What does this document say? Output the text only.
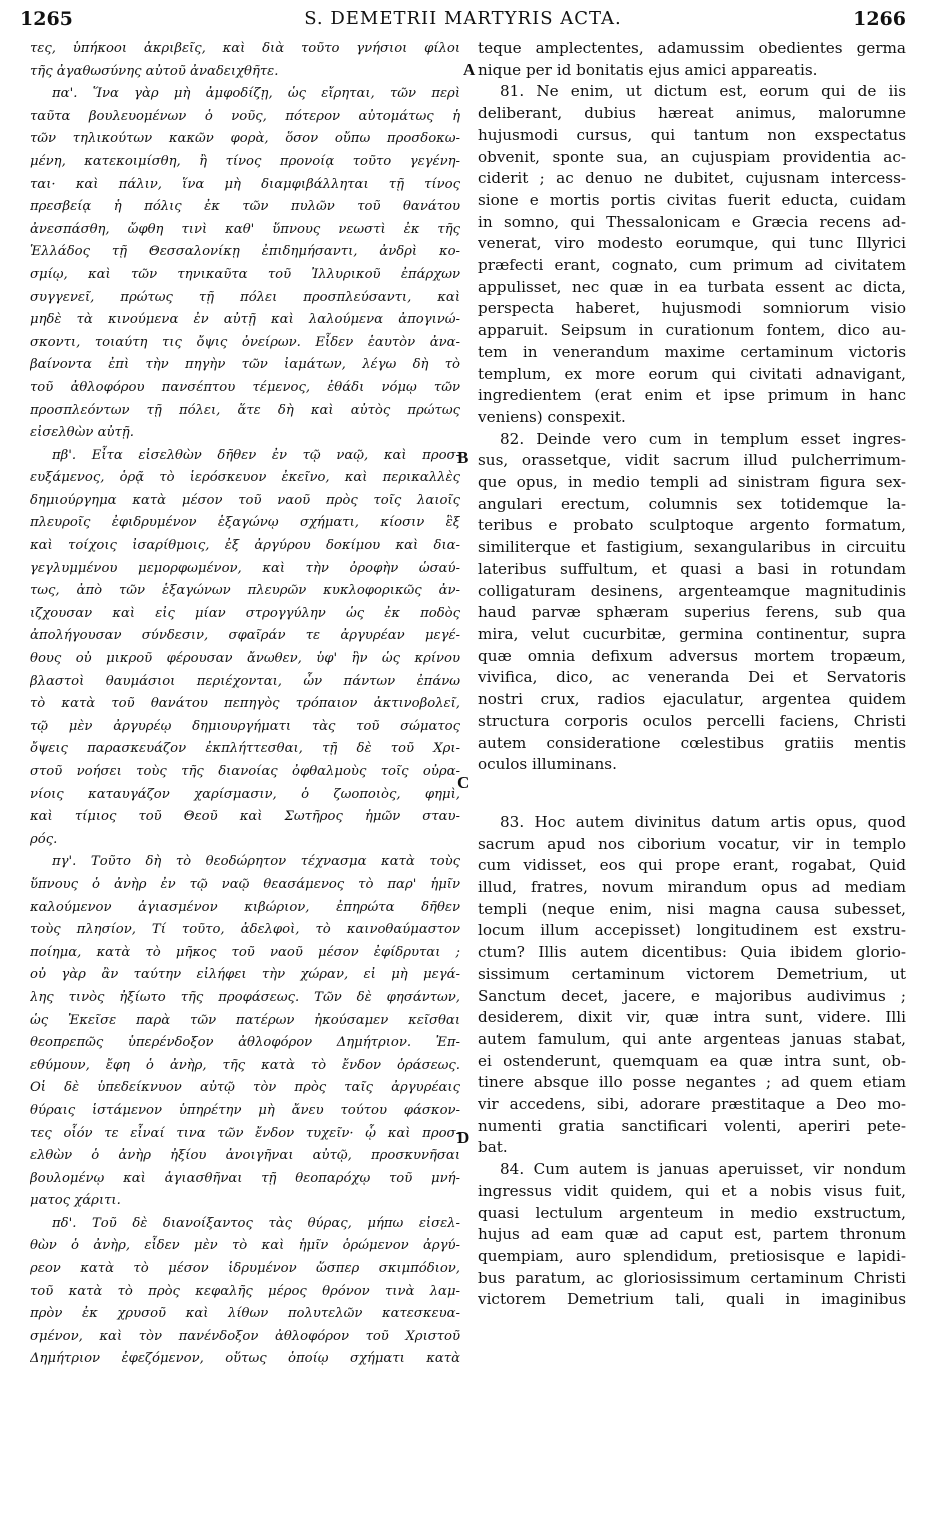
1265	S. DEMETRII MARTYRIS ACTA.	1266
τες, ὑπήκοοι ἀκριβεῖς, καὶ διὰ τοῦτο γνήσιοι φίλοι
τῆς ἀγαθωσύνης αὐτοῦ ἀναδειχθῆτε.
πα'. Ἵνα γὰρ μὴ ἀμφοδίζῃ, ὡς εἴρηται, τῶν περὶ
ταῦτα βουλευομένων ὁ νοῦς, πότερον αὐτομάτως ἡ
τῶν τηλικούτων κακῶν φορὰ, ὅσον οὔπω προσδοκω-
μένη, κατεκοιμίσθη, ἢ τίνος προνοίᾳ τοῦτο γεγένη-
ται· καὶ πάλιν, ἵνα μὴ διαμφιβάλληται τῇ τίνος
πρεσβείᾳ ἡ πόλις ἐκ τῶν πυλῶν τοῦ θανάτου
ἀνεσπάσθη, ὤφθη τινὶ καθ' ὕπνους νεωστὶ ἐκ τῆς
Ἑλλάδος τῇ Θεσσαλονίκῃ ἐπιδημήσαντι, ἀνδρὶ κο-
σμίῳ, καὶ τῶν τηνικαῦτα τοῦ Ἰλλυρικοῦ ἐπάρχων
συγγενεῖ, πρώτως τῇ πόλει προσπλεύσαντι, καὶ
μηδὲ τὰ κινούμενα ἐν αὐτῇ καὶ λαλούμενα ἀπογινώ-
σκοντι, τοιαύτη τις ὄψις ὀνείρων. Εἶδεν ἑαυτὸν ἀνα-
βαίνοντα ἐπὶ τὴν πηγὴν τῶν ἰαμάτων, λέγω δὴ τὸ
τοῦ ἀθλοφόρου πανσέπτου τέμενος, ἐθάδι νόμῳ τῶν
προσπλεόντων τῇ πόλει, ἅτε δὴ καὶ αὐτὸς πρώτως
εἰσελθὼν αὐτῇ.
πβ'. Εἶτα εἰσελθὼν δῆθεν ἐν τῷ ναῷ, καὶ προσ-
ευξάμενος, ὁρᾷ τὸ ἱερόσκευον ἐκεῖνο, καὶ περικαλλὲς
δημιούργημα κατὰ μέσον τοῦ ναοῦ πρὸς τοῖς λαιοῖς
πλευροῖς ἐφιδρυμένον ἑξαγώνῳ σχήματι, κίοσιν ἓξ
καὶ τοίχοις ἰσαρίθμοις, ἐξ ἀργύρου δοκίμου καὶ δια-
γεγλυμμένου μεμορφωμένον, καὶ τὴν ὀροφὴν ὡσαύ-
τως, ἀπὸ τῶν ἑξαγώνων πλευρῶν κυκλοφορικῶς ἀν-
ιζχουσαν καὶ εἰς μίαν στρογγύλην ὡς ἐκ ποδὸς
ἀπολήγουσαν σύνδεσιν, σφαῖράν τε ἀργυρέαν μεγέ-
θους οὐ μικροῦ φέρουσαν ἄνωθεν, ὑφ' ἣν ὡς κρίνου
βλαστοὶ θαυμάσιοι περιέχονται, ὧν πάντων ἐπάνω
τὸ κατὰ τοῦ θανάτου πεπηγὸς τρόπαιον ἀκτινοβολεῖ,
τῷ μὲν ἀργυρέῳ δημιουργήματι τὰς τοῦ σώματος
ὄψεις παρασκευάζον ἐκπλήττεσθαι, τῇ δὲ τοῦ Χρι-
στοῦ νοήσει τοὺς τῆς διανοίας ὀφθαλμοὺς τοῖς οὐρα-
νίοις καταυγάζον χαρίσμασιν, ὁ ζωοποιὸς, φημὶ,
καὶ τίμιος τοῦ Θεοῦ καὶ Σωτῆρος ἡμῶν σταυ-
ρός.
πγ'. Τοῦτο δὴ τὸ θεοδώρητον τέχνασμα κατὰ τοὺς
ὕπνους ὁ ἀνὴρ ἐν τῷ ναῷ θεασάμενος τὸ παρ' ἡμῖν
καλούμενον ἁγιασμένον κιβώριον, ἐπηρώτα δῆθεν
τοὺς πλησίον, Τί τοῦτο, ἀδελφοὶ, τὸ καινοθαύμαστον
ποίημα, κατὰ τὸ μῆκος τοῦ ναοῦ μέσον ἐφίδρυται ;
οὐ γὰρ ἂν ταύτην εἰλήφει τὴν χώραν, εἰ μὴ μεγά-
λης τινὸς ἠξίωτο τῆς προφάσεως. Τῶν δὲ φησάντων,
ὡς Ἐκεῖσε παρὰ τῶν πατέρων ἠκούσαμεν κεῖσθαι
θεοπρεπῶς ὑπερένδοξον ἀθλοφόρον Δημήτριον. Ἐπ-
εθύμουν, ἔφη ὁ ἀνὴρ, τῆς κατὰ τὸ ἔνδον ὁράσεως.
Οἱ δὲ ὑπεδείκνυον αὐτῷ τὸν πρὸς ταῖς ἀργυρέαις
θύραις ἱστάμενον ὑπηρέτην μὴ ἄνευ τούτου φάσκον-
τες οἷόν τε εἶναί τινα τῶν ἔνδον τυχεῖν· ᾧ καὶ προσ-
ελθὼν ὁ ἀνὴρ ἠξίου ἀνοιγῆναι αὐτῷ, προσκυνῆσαι
βουλομένῳ καὶ ἁγιασθῆναι τῇ θεοπαρόχῳ τοῦ μνή-
ματος χάριτι.
πδ'. Τοῦ δὲ διανοίξαντος τὰς θύρας, μήπω εἰσελ-
θὼν ὁ ἀνὴρ, εἶδεν μὲν τὸ καὶ ἡμῖν ὁρώμενον ἀργύ-
ρεον κατὰ τὸ μέσον ἱδρυμένον ὥσπερ σκιμπόδιον,
τοῦ κατὰ τὸ πρὸς κεφαλῆς μέρος θρόνον τινὰ λαμ-
πρὸν ἐκ χρυσοῦ καὶ λίθων πολυτελῶν κατεσκευα-
σμένον, καὶ τὸν πανένδοξον ἀθλοφόρον τοῦ Χριστοῦ
Δημήτριον ἐφεζόμενον, οὕτως ὁποίῳ σχήματι κατὰ
teque amplectentes, adamussim obedientes germa
nique per id bonitatis ejus amici appareatis.
81. Ne enim, ut dictum est, eorum qui de iis
deliberant, dubius hæreat animus, malorumne
hujusmodi cursus, qui tantum non exspectatus
obvenit, sponte sua, an cujuspiam providentia ac-
ciderit ; ac denuo ne dubitet, cujusnam intercess-
sione e mortis portis civitas fuerit educta, cuidam
in somno, qui Thessalonicam e Græcia recens ad-
venerat, viro modesto eorumque, qui tunc Illyrici
præfecti erant, cognato, cum primum ad civitatem
appulisset, nec quæ in ea turbata essent ac dicta,
perspecta haberet, hujusmodi somniorum visio
apparuit. Seipsum in curationum fontem, dico au-
tem in venerandum maxime certaminum victoris
templum, ex more eorum qui civitati adnavigant,
ingredientem (erat enim et ipse primum in hanc
veniens) conspexit.
82. Deinde vero cum in templum esset ingres-
sus, orassetque, vidit sacrum illud pulcherrimum-
que opus, in medio templi ad sinistram figura sex-
angulari erectum, columnis sex totidemque la-
teribus e probato sculptoque argento formatum,
similiterque et fastigium, sexangularibus in circuitu
lateribus suffultum, et quasi a basi in rotundam
colligaturam desinens, argenteamque magnitudinis
haud parvæ sphæram superius ferens, sub qua
mira, velut cucurbitæ, germina continentur, supra
quæ omnia defixum adversus mortem tropæum,
vivifica, dico, ac veneranda Dei et Servatoris
nostri crux, radios ejaculatur, argentea quidem
structura corporis oculos percelli faciens, Christi
autem consideratione cœlestibus gratiis mentis
oculos illuminans.
83. Hoc autem divinitus datum artis opus, quod
sacrum apud nos ciborium vocatur, vir in templo
cum vidisset, eos qui prope erant, rogabat, Quid
illud, fratres, novum mirandum opus ad mediam
templi (neque enim, nisi magna causa subesset,
locum illum accepisset) longitudinem est exstru-
ctum? Illis autem dicentibus: Quia ibidem glorio-
sissimum certaminum victorem Demetrium, ut
Sanctum decet, jacere, e majoribus audivimus ;
desiderem, dixit vir, quæ intra sunt, videre. Illi
autem famulum, qui ante argenteas januas stabat,
ei ostenderunt, quemquam ea quæ intra sunt, ob-
tinere absque illo posse negantes ; ad quem etiam
vir accedens, sibi, adorare præstitaque a Deo mo-
numenti gratia sanctificari volenti, aperiri pete-
bat.
84. Cum autem is januas aperuisset, vir nondum
ingressus vidit quidem, qui et a nobis visus fuit,
quasi lectulum argenteum in medio exstructum,
hujus ad eam quæ ad caput est, partem thronum
quempiam, auro splendidum, pretiosisque e lapidi-
bus paratum, ac gloriosissimum certaminum Christi
victorem Demetrium tali, quali in imaginibus
A
B
C
D
